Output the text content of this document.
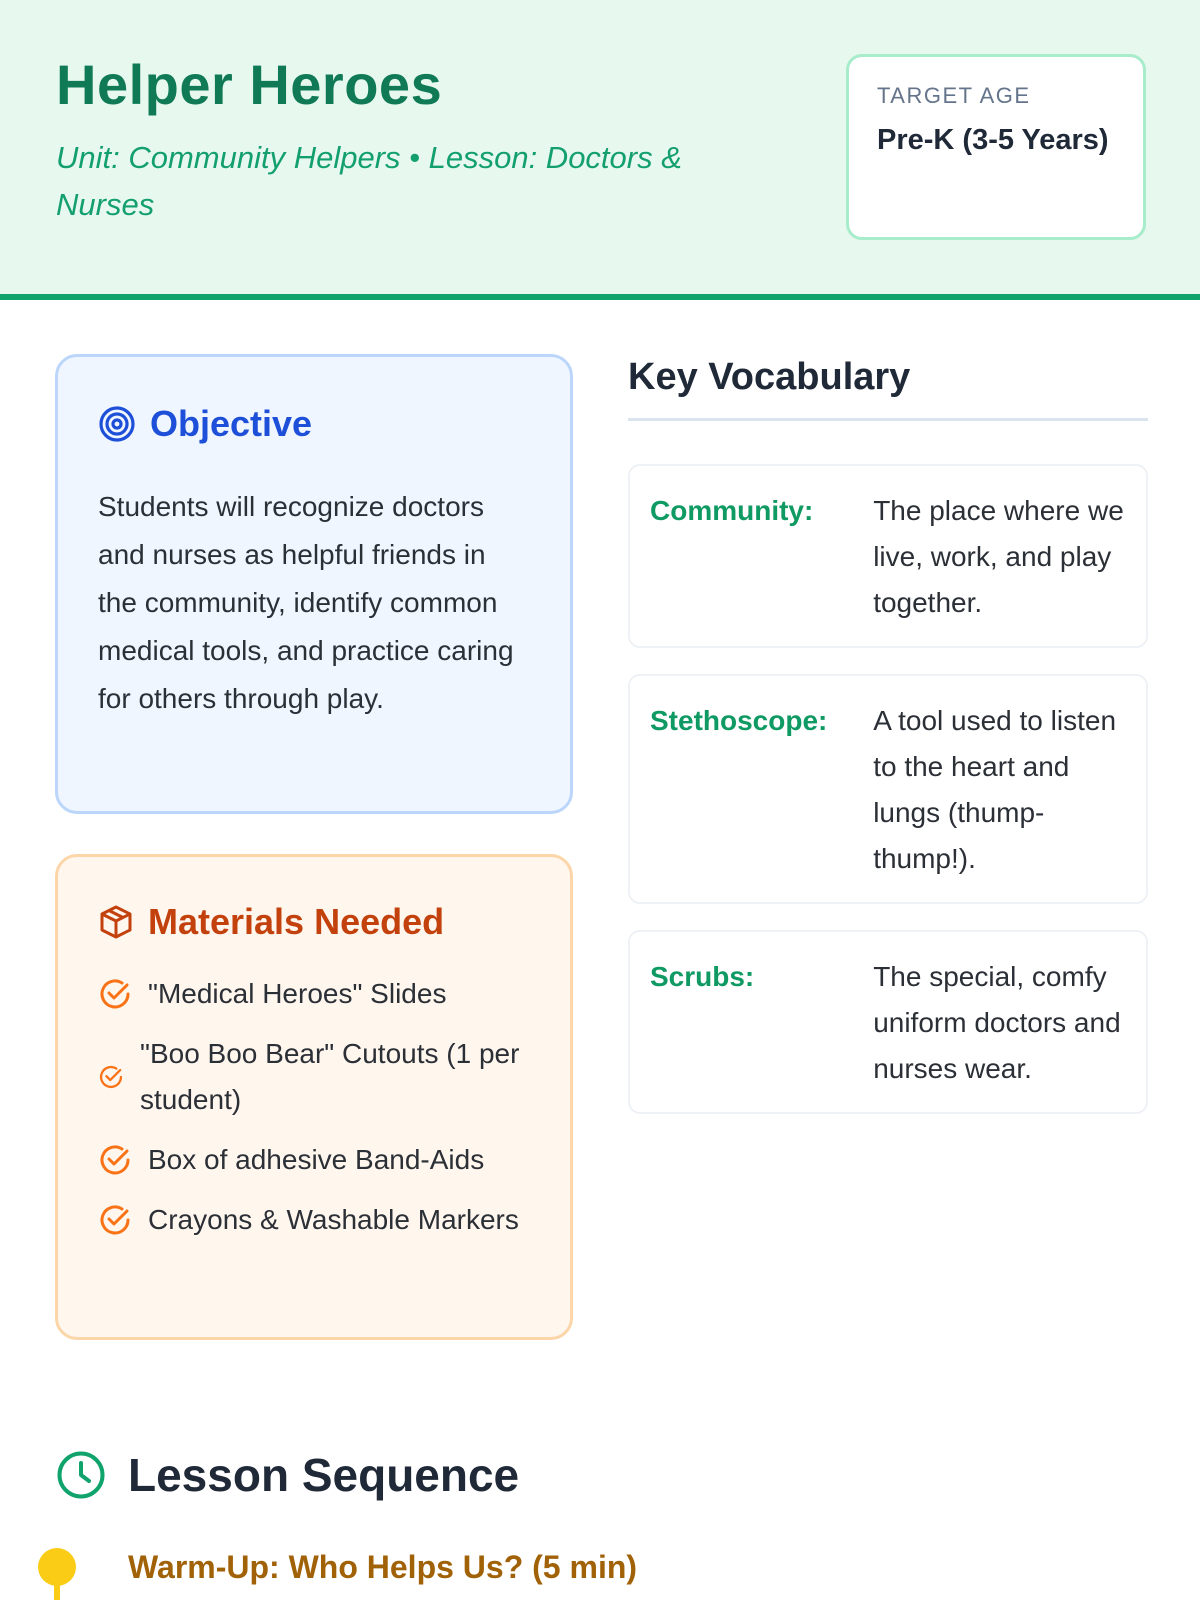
Helper Heroes
Unit: Community Helpers • Lesson: Doctors & Nurses
TARGET AGE
Pre-K (3-5 Years)
Objective

Students will recognize doctors and nurses as helpful friends in the community, identify common medical tools, and practice caring for others through play.

Materials Needed
"Medical Heroes" Slides
"Boo Boo Bear" Cutouts (1 per student)
Box of adhesive Band-Aids
Crayons & Washable Markers
Key Vocabulary
Community:	The place where we live, work, and play together.
Stethoscope:	A tool used to listen to the heart and lungs (thump-thump!).
Scrubs:	The special, comfy uniform doctors and nurses wear.
Lesson Sequence
Warm-Up: Who Helps Us? (5 min)
